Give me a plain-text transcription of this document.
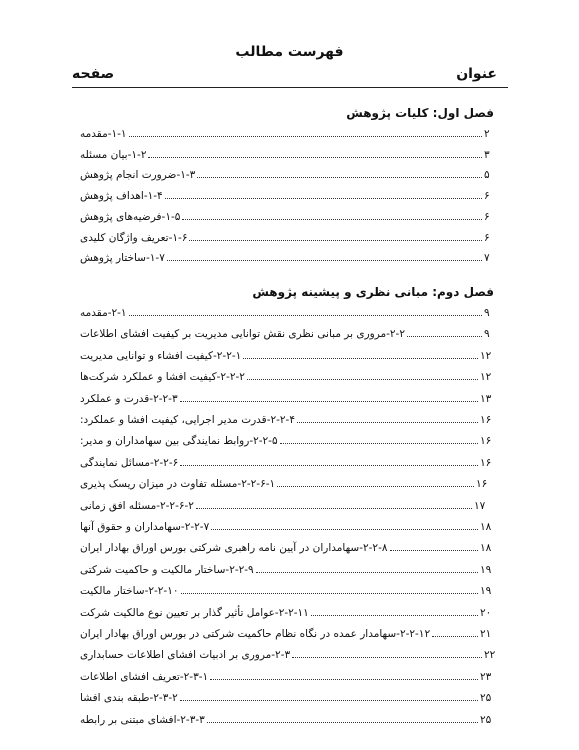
فهرست مطالب
عنوان
صفحه
فصل اول: کلیات پژوهش
۱-۱-مقدمه	۲
۱-۲-بیان مسئله	۳
۱-۳-ضرورت انجام پژوهش	۵
۱-۴-اهداف پژوهش	۶
۱-۵-فرضیه‌های پژوهش	۶
۱-۶-تعریف واژگان کلیدی	۶
۱-۷-ساختار پژوهش	۷
فصل دوم: مبانی نظری و پیشینه پژوهش
۲-۱-مقدمه	۹
۲-۲-مروری بر مبانی نظری نقش توانایی مدیریت بر کیفیت افشای اطلاعات	۹
۲-۲-۱-کیفیت افشاء و توانایی مدیریت	۱۲
۲-۲-۲-کیفیت افشا و عملکرد شرکت‌ها	۱۲
۲-۲-۳-قدرت و عملکرد	۱۳
۲-۲-۴-قدرت مدیر اجرایی، کیفیت افشا و عملکرد:	۱۶
۲-۲-۵-روابط نمایندگی بین سهامداران و مدیر:	۱۶
۲-۲-۶-مسائل نمایندگی	۱۶
۲-۲-۶-۱-مسئله تفاوت در میزان ریسک پذیری	۱۶
۲-۲-۶-۲-مسئله افق زمانی	۱۷
۲-۲-۷-سهامداران و حقوق آنها	۱۸
۲-۲-۸-سهامداران در آیین نامه راهبری شرکتی بورس اوراق بهادار ایران	۱۸
۲-۲-۹-ساختار مالکیت و حاکمیت شرکتی	۱۹
۲-۲-۱۰-ساختار مالکیت	۱۹
۲-۲-۱۱-عوامل تأثیر گذار بر تعیین نوع مالکیت شرکت	۲۰
۲-۲-۱۲-سهامدار عمده در نگاه نظام حاکمیت شرکتی در بورس اوراق بهادار ایران	۲۱
۲-۳-مروری بر ادبیات افشای اطلاعات حسابداری	۲۲
۲-۳-۱-تعریف افشای اطلاعات	۲۳
۲-۳-۲-طبقه بندی افشا	۲۵
۲-۳-۳-افشای مبتنی بر رابطه	۲۵
